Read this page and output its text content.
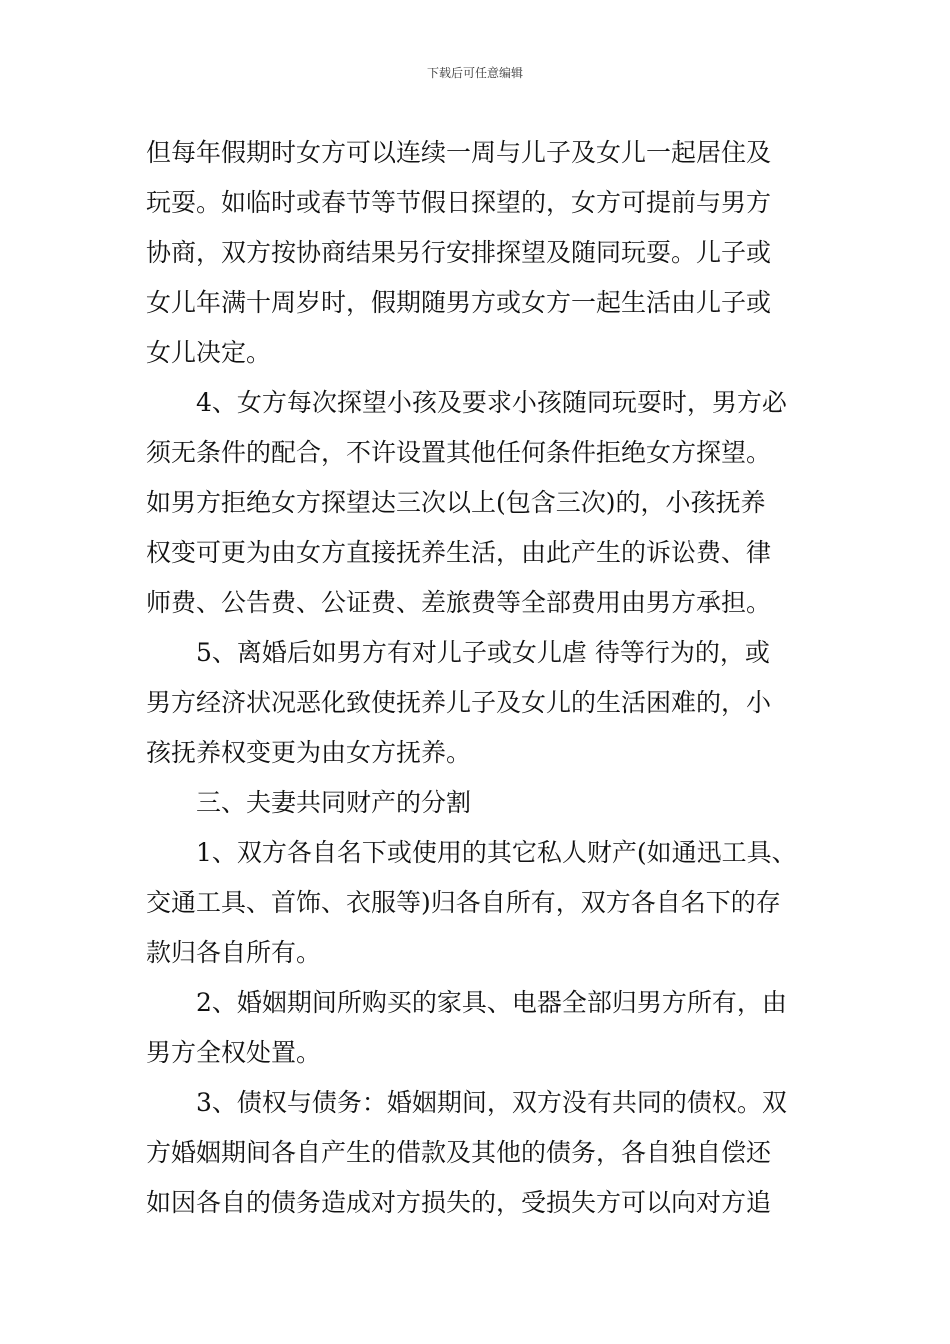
下载后可任意编辑
但每年假期时女方可以连续一周与儿子及女儿一起居住及
玩耍。如临时或春节等节假日探望的，女方可提前与男方
协商，双方按协商结果另行安排探望及随同玩耍。儿子或
女儿年满十周岁时，假期随男方或女方一起生活由儿子或
女儿决定。
4、女方每次探望小孩及要求小孩随同玩耍时，男方必
须无条件的配合，不许设置其他任何条件拒绝女方探望。
如男方拒绝女方探望达三次以上(包含三次)的，小孩抚养
权变可更为由女方直接抚养生活，由此产生的诉讼费、律
师费、公告费、公证费、差旅费等全部费用由男方承担。
5、离婚后如男方有对儿子或女儿虐 待等行为的，或
男方经济状况恶化致使抚养儿子及女儿的生活困难的，小
孩抚养权变更为由女方抚养。
三、夫妻共同财产的分割
1、双方各自名下或使用的其它私人财产(如通迅工具、
交通工具、首饰、衣服等)归各自所有，双方各自名下的存
款归各自所有。
2、婚姻期间所购买的家具、电器全部归男方所有，由
男方全权处置。
3、债权与债务：婚姻期间，双方没有共同的债权。双
方婚姻期间各自产生的借款及其他的债务，各自独自偿还
如因各自的债务造成对方损失的，受损失方可以向对方追
